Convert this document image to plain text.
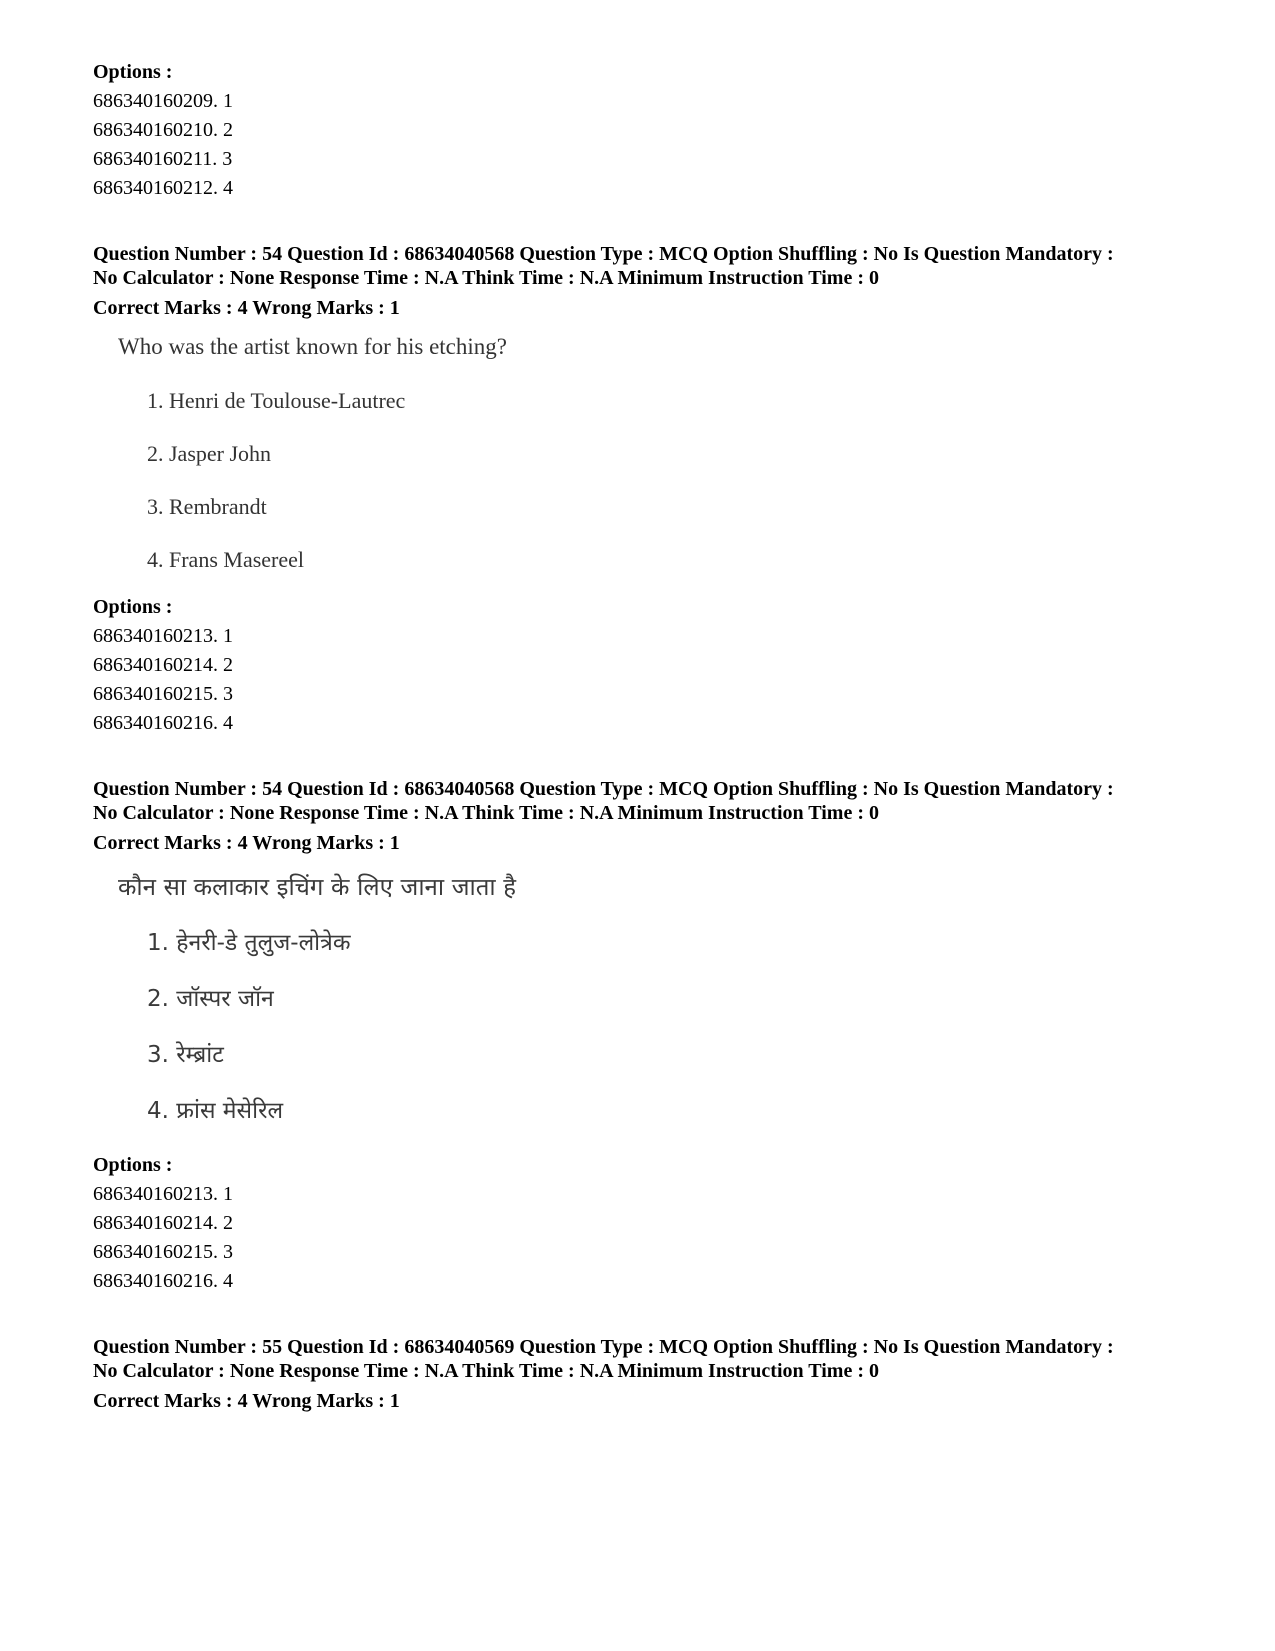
Options :
686340160209. 1
686340160210. 2
686340160211. 3
686340160212. 4
Question Number : 54 Question Id : 68634040568 Question Type : MCQ Option Shuffling : No Is Question Mandatory :
No Calculator : None Response Time : N.A Think Time : N.A Minimum Instruction Time : 0
Correct Marks : 4 Wrong Marks : 1
Who was the artist known for his etching?
1. Henri de Toulouse-Lautrec
2. Jasper John
3. Rembrandt
4. Frans Masereel
Options :
686340160213. 1
686340160214. 2
686340160215. 3
686340160216. 4
Question Number : 54 Question Id : 68634040568 Question Type : MCQ Option Shuffling : No Is Question Mandatory :
No Calculator : None Response Time : N.A Think Time : N.A Minimum Instruction Time : 0
Correct Marks : 4 Wrong Marks : 1
कौन सा कलाकार इचिंग के लिए जाना जाता है
1. हेनरी-डे तुलुज-लोत्रेक
2. जॉस्पर जॉन
3. रेम्ब्रांट
4. फ्रांस मेसेरिल
Options :
686340160213. 1
686340160214. 2
686340160215. 3
686340160216. 4
Question Number : 55 Question Id : 68634040569 Question Type : MCQ Option Shuffling : No Is Question Mandatory :
No Calculator : None Response Time : N.A Think Time : N.A Minimum Instruction Time : 0
Correct Marks : 4 Wrong Marks : 1
